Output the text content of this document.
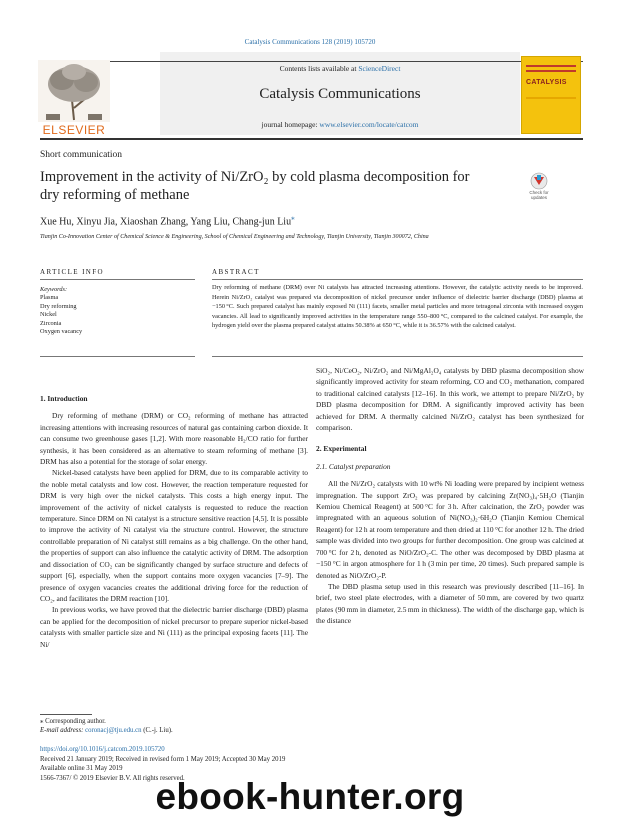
Catalysis Communications 128 (2019) 105720
Contents lists available at ScienceDirect
Catalysis Communications
journal homepage: www.elsevier.com/locate/catcom
ELSEVIER
CATALYSIS
Short communication
Improvement in the activity of Ni/ZrO₂ by cold plasma decomposition for
dry reforming of methane	Check for updates
Xue Hu, Xinyu Jia, Xiaoshan Zhang, Yang Liu, Chang-jun Liu⁎
Tianjin Co-Innovation Center of Chemical Science & Engineering, School of Chemical Engineering and Technology, Tianjin University, Tianjin 300072, China
ARTICLE INFO	ABSTRACT
Keywords:
Plasma
Dry reforming
Nickel
Zirconia
Oxygen vacancy
Dry reforming of methane (DRM) over Ni catalysts has attracted increasing attentions. However, the catalytic activity needs to be improved. Herein Ni/ZrO₂ catalyst was prepared via decomposition of nickel precursor under influence of dielectric barrier discharge (DBD) plasma at −150 °C. Such prepared catalyst has mainly exposed Ni (111) facets, smaller metal particles and more tetragonal zirconia with increased oxygen vacancies. All lead to significantly improved activities in the temperature range 550–800 °C, compared to the calcined catalyst. For example, the hydrogen yield over the plasma prepared catalyst attains 50.38% at 650 °C, while it is 36.57% with the calcined catalyst.

1. Introduction

Dry reforming of methane (DRM) or CO₂ reforming of methane has attracted increasing attentions with increasing resources of natural gas containing carbon dioxide. It can consume two greenhouse gases [1,2]. With more reasonable H₂/CO ratio for further synthesis, it has been considered as an alternative to steam reforming of methane [3]. DRM has also a potential for the storage of solar energy.

Nickel-based catalysts have been applied for DRM, due to its comparable activity to the noble metal catalysts and low cost. However, the reaction temperature requested for DRM is very high over the nickel catalysts. This costs a high energy input. The improvement of the activity of nickel catalysts is requested to reduce the reaction temperature. Since DRM on Ni catalyst is a structure sensitive reaction [4,5]. It is possible to improve the activity of Ni catalyst via the structure control. However, the structure controllable preparation of Ni catalyst still remains as a big challenge. On the other hand, the properties of support can also influence the catalytic activity of DRM. The adsorption and dissociation of CO₂ can be significantly changed by surface structure and defects of support [6], especially, when the support contains more oxygen vacancies [7–9]. The presence of oxygen vacancies creates the additional driving force for the reduction of CO₂, and facilitates the DRM reaction [10].

In previous works, we have proved that the dielectric barrier discharge (DBD) plasma can be applied for the decomposition of nickel precursor to prepare superior nickel-based catalysts with smaller particle size and Ni (111) as the principal exposing facets [11]. The Ni/

SiO₂, Ni/CeO₂, Ni/ZrO₂ and Ni/MgAl₂O₄ catalysts by DBD plasma decomposition show significantly improved activity for steam reforming, CO and CO₂ methanation, compared to traditional calcined catalysts [12–16]. In this work, we attempt to prepare Ni/ZrO₂ by DBD plasma decomposition for DRM. A significantly improved activity has been achieved for DRM. A thermally calcined Ni/ZrO₂ catalyst has been synthesized for comparison.

2. Experimental

2.1. Catalyst preparation

All the Ni/ZrO₂ catalysts with 10 wt% Ni loading were prepared by incipient wetness impregnation. The support ZrO₂ was prepared by calcining Zr(NO₃)₄·5H₂O (Tianjin Kemiou Chemical Reagent) at 500 °C for 3 h. After calcination, the ZrO₂ powder was impregnated with an aqueous solution of Ni(NO₃)₂·6H₂O (Tianjin Kemiou Chemical Reagent) for 12 h at room temperature and then dried at 110 °C for another 12 h. The dried sample was divided into two groups for further decomposition. One group was calcined at 700 °C for 2 h, denoted as NiO/ZrO₂-C. The other was decomposed by DBD plasma at −150 °C in argon atmosphere for 1 h (3 min per time, 20 times). Such prepared sample is denoted as NiO/ZrO₂-P.

The DBD plasma setup used in this research was previously described [11–16]. In brief, two steel plate electrodes, with a diameter of 50 mm, are covered by two quartz plates (90 mm in diameter, 2.5 mm in thickness). The width of the discharge gap, which is the distance

⁎ Corresponding author.
E-mail address: coronacj@tju.edu.cn (C.-j. Liu).
https://doi.org/10.1016/j.catcom.2019.105720
Received 21 January 2019; Received in revised form 1 May 2019; Accepted 30 May 2019
Available online 31 May 2019
1566-7367/ © 2019 Elsevier B.V. All rights reserved.
ebook-hunter.org
